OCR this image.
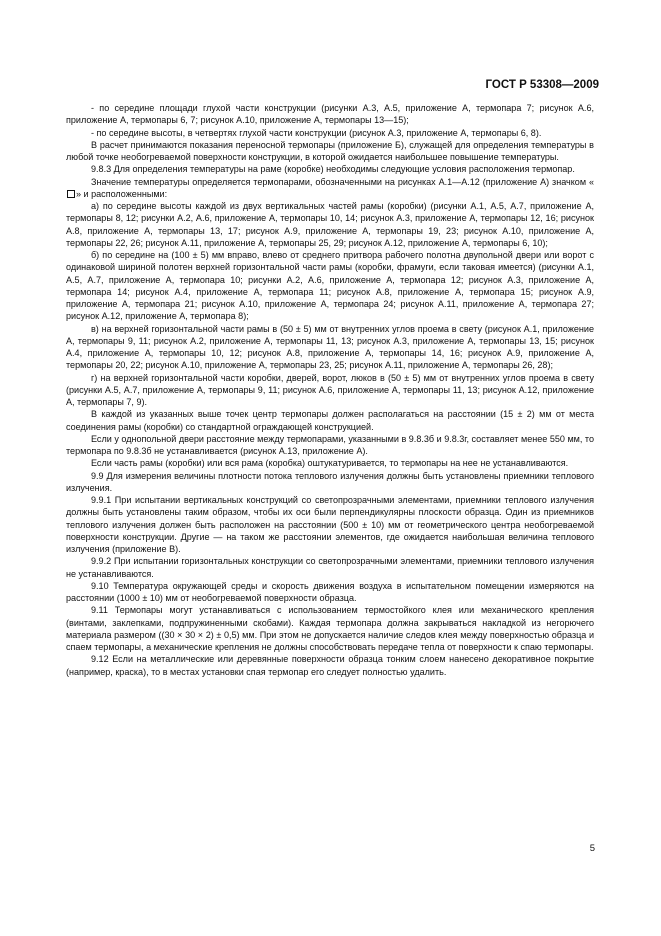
ГОСТ Р 53308—2009

- по середине площади глухой части конструкции (рисунки А.3, А.5, приложение А, термопара 7; рисунок А.6, приложение А, термопары 6, 7; рисунок А.10, приложение А, термопары 13—15);

- по середине высоты, в четвертях глухой части конструкции (рисунок А.3, приложение А, термопары 6, 8).

В расчет принимаются показания переносной термопары (приложение Б), служащей для определения температуры в любой точке необогреваемой поверхности конструкции, в которой ожидается наибольшее повышение температуры.

9.8.3 Для определения температуры на раме (коробке) необходимы следующие условия расположения термопар.

Значение температуры определяется термопарами, обозначенными на рисунках А.1—А.12 (приложение А) значком «» и расположенными:

а) по середине высоты каждой из двух вертикальных частей рамы (коробки) (рисунки А.1, А.5, А.7, приложение А, термопары 8, 12; рисунки А.2, А.6, приложение А, термопары 10, 14; рисунок А.3, приложение А, термопары 12, 16; рисунок А.8, приложение А, термопары 13, 17; рисунок А.9, приложение А, термопары 19, 23; рисунок А.10, приложение А, термопары 22, 26; рисунок А.11, приложение А, термопары 25, 29; рисунок А.12, приложение А, термопары 6, 10);

б) по середине на (100 ± 5) мм вправо, влево от среднего притвора рабочего полотна двупольной двери или ворот с одинаковой шириной полотен верхней горизонтальной части рамы (коробки, фрамуги, если таковая имеется) (рисунки А.1, А.5, А.7, приложение А, термопара 10; рисунки А.2, А.6, приложение А, термопара 12; рисунок А.3, приложение А, термопара 14; рисунок А.4, приложение А, термопара 11; рисунок А.8, приложение А, термопара 15; рисунок А.9, приложение А, термопара 21; рисунок А.10, приложение А, термопара 24; рисунок А.11, приложение А, термопара 27; рисунок А.12, приложение А, термопара 8);

в) на верхней горизонтальной части рамы в (50 ± 5) мм от внутренних углов проема в свету (рисунок А.1, приложение А, термопары 9, 11; рисунок А.2, приложение А, термопары 11, 13; рисунок А.3, приложение А, термопары 13, 15; рисунок А.4, приложение А, термопары 10, 12; рисунок А.8, приложение А, термопары 14, 16; рисунок А.9, приложение А, термопары 20, 22; рисунок А.10, приложение А, термопары 23, 25; рисунок А.11, приложение А, термопары 26, 28);

г) на верхней горизонтальной части коробки, дверей, ворот, люков в (50 ± 5) мм от внутренних углов проема в свету (рисунки А.5, А.7, приложение А, термопары 9, 11; рисунок А.6, приложение А, термопары 11, 13; рисунок А.12, приложение А, термопары 7, 9).

В каждой из указанных выше точек центр термопары должен располагаться на расстоянии (15 ± 2) мм от места соединения рамы (коробки) со стандартной ограждающей конструкцией.

Если у однопольной двери расстояние между термопарами, указанными в 9.8.3б и 9.8.3г, составляет менее 550 мм, то термопара по 9.8.3б не устанавливается (рисунок А.13, приложение А).

Если часть рамы (коробки) или вся рама (коробка) оштукатуривается, то термопары на нее не устанавливаются.

9.9 Для измерения величины плотности потока теплового излучения должны быть установлены приемники теплового излучения.

9.9.1 При испытании вертикальных конструкций со светопрозрачными элементами, приемники теплового излучения должны быть установлены таким образом, чтобы их оси были перпендикулярны плоскости образца. Один из приемников теплового излучения должен быть расположен на расстоянии (500 ± 10) мм от геометрического центра необогреваемой поверхности конструкции. Другие — на таком же расстоянии элементов, где ожидается наибольшая величина теплового излучения (приложение В).

9.9.2 При испытании горизонтальных конструкции со светопрозрачными элементами, приемники теплового излучения не устанавливаются.

9.10 Температура окружающей среды и скорость движения воздуха в испытательном помещении измеряются на расстоянии (1000 ± 10) мм от необогреваемой поверхности образца.

9.11 Термопары могут устанавливаться с использованием термостойкого клея или механического крепления (винтами, заклепками, подпружиненными скобами). Каждая термопара должна закрываться накладкой из негорючего материала размером ((30 × 30 × 2) ± 0,5) мм. При этом не допускается наличие следов клея между поверхностью образца и спаем термопары, а механические крепления не должны способствовать передаче тепла от поверхности к спаю термопары.

9.12 Если на металлические или деревянные поверхности образца тонким слоем нанесено декоративное покрытие (например, краска), то в местах установки спая термопар его следует полностью удалить.

5
